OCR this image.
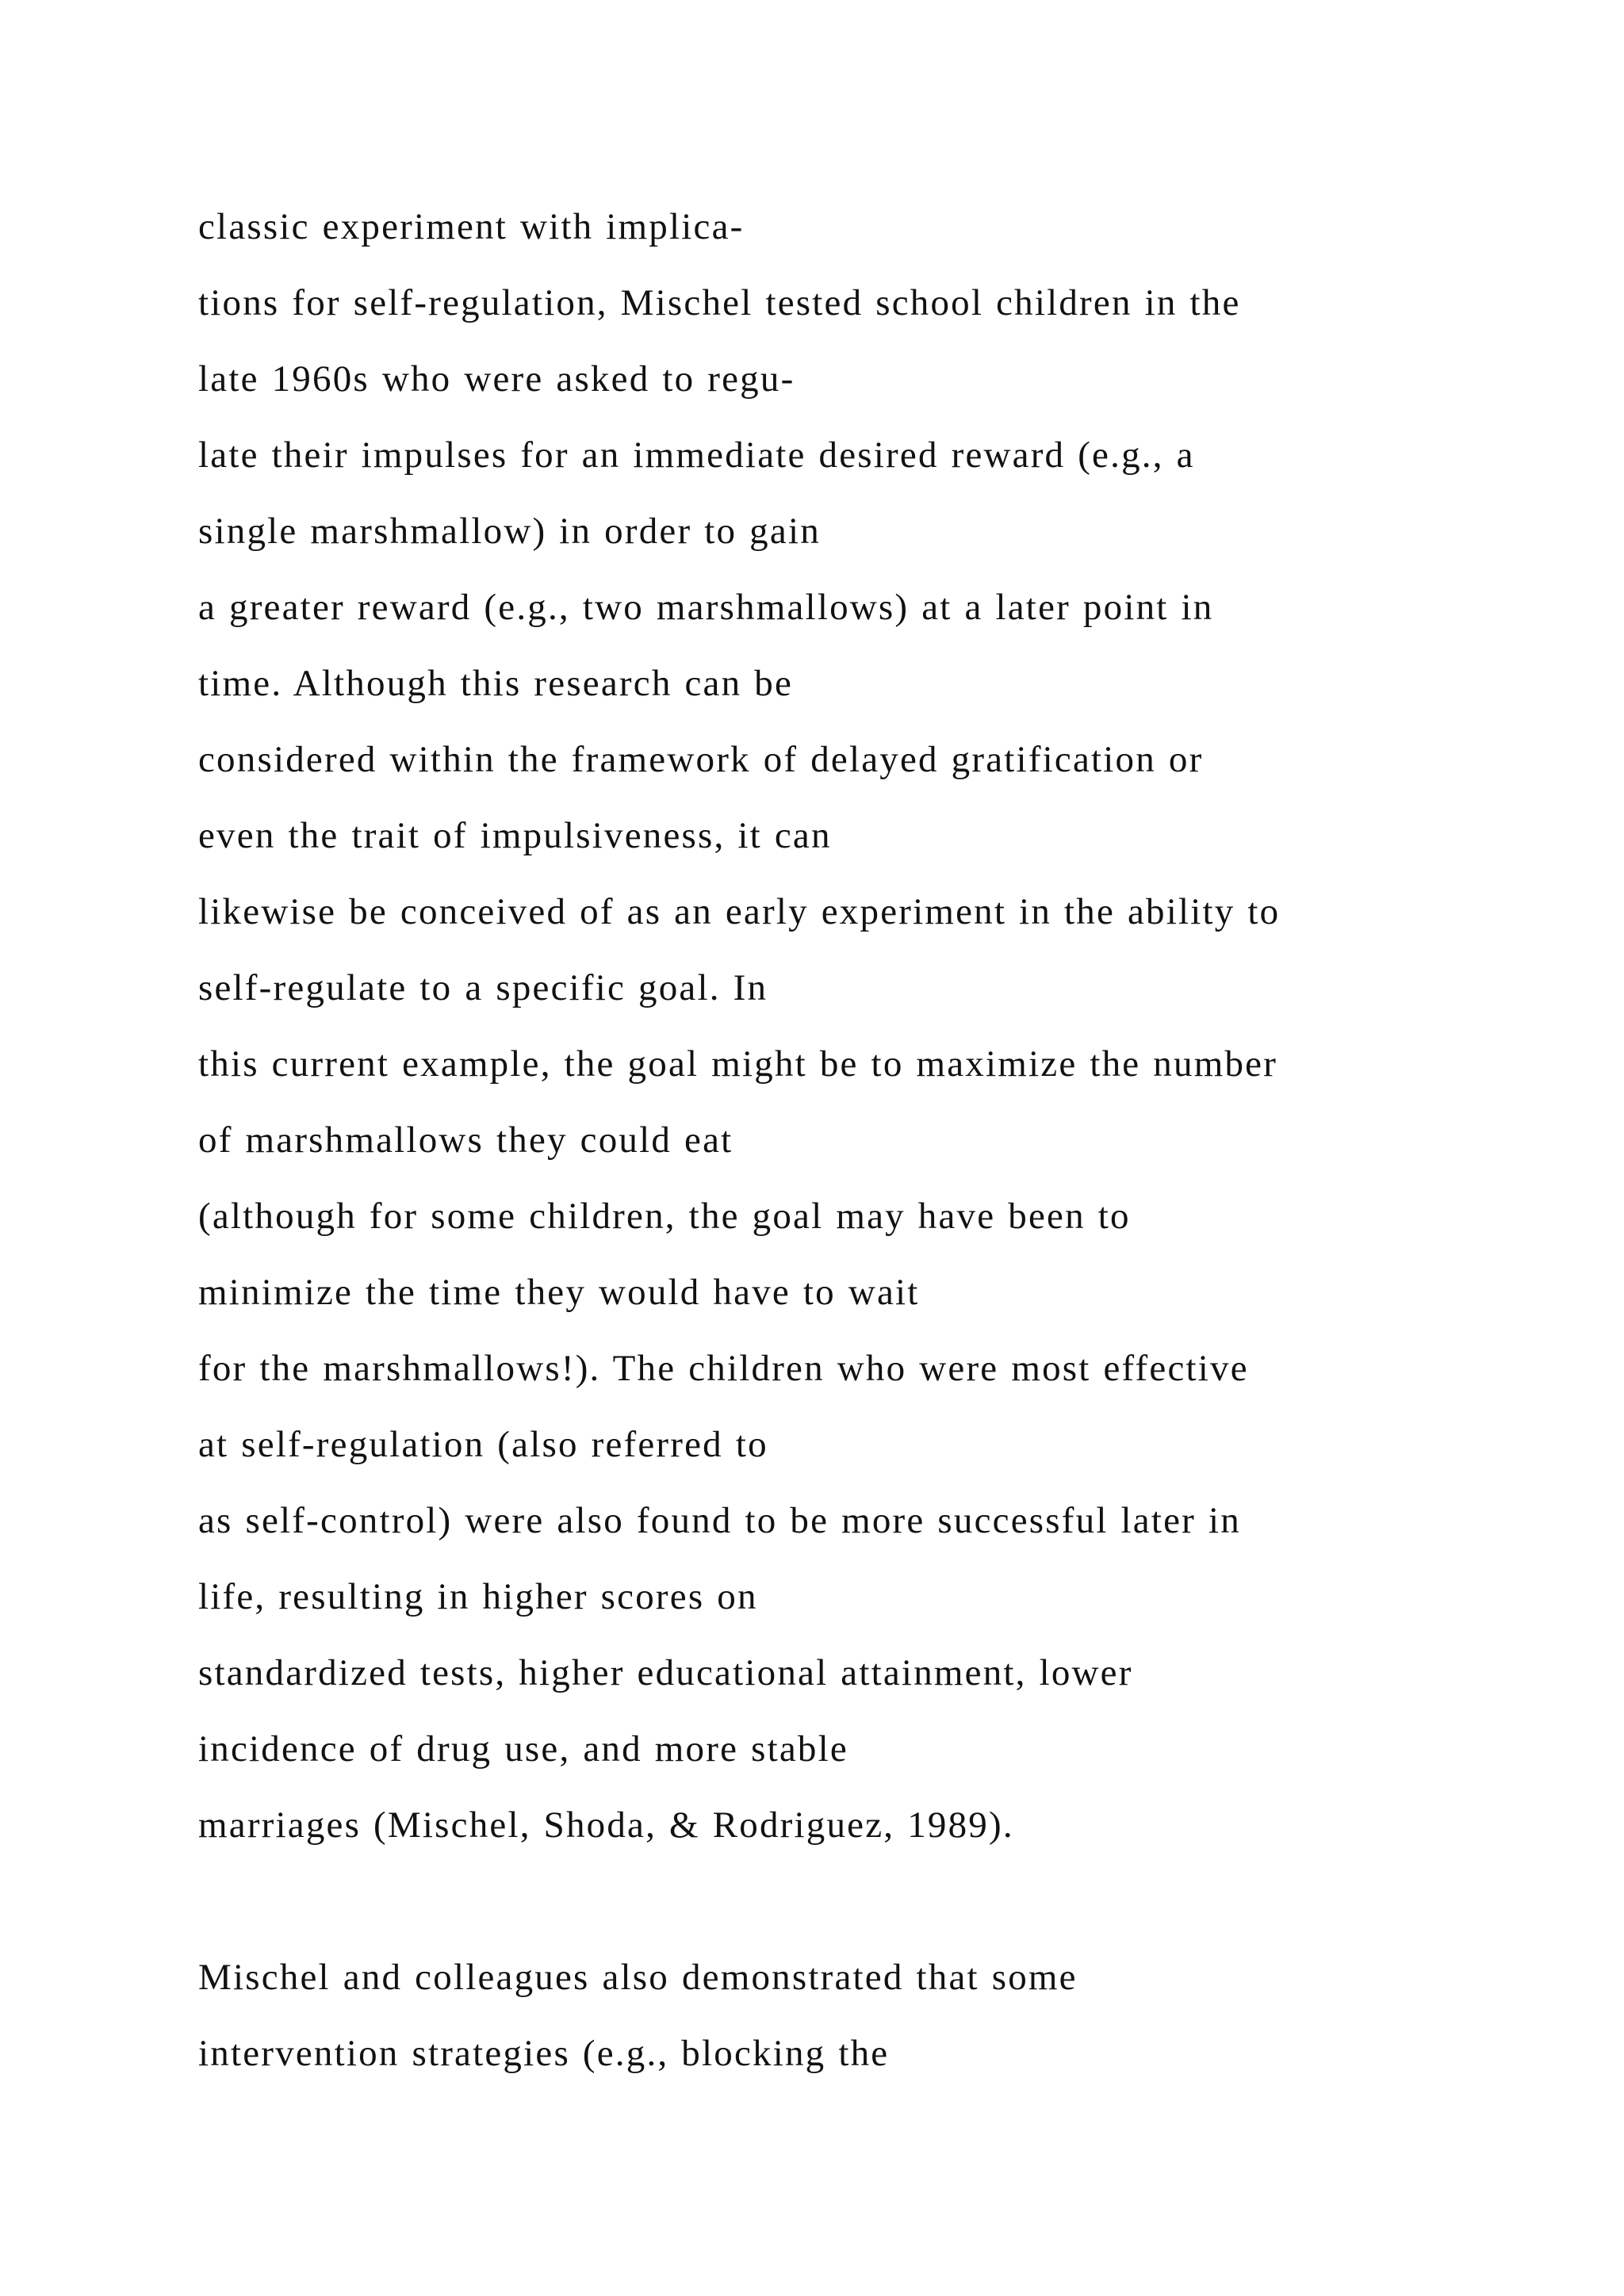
classic experiment with implica-
tions for self-regulation, Mischel tested school children in the
late 1960s who were asked to regu-
late their impulses for an immediate desired reward (e.g., a
single marshmallow) in order to gain
a greater reward (e.g., two marshmallows) at a later point in
time. Although this research can be
considered within the framework of delayed gratification or
even the trait of impulsiveness, it can
likewise be conceived of as an early experiment in the ability to
self-regulate to a specific goal. In
this current example, the goal might be to maximize the number
of marshmallows they could eat
(although for some children, the goal may have been to
minimize the time they would have to wait
for the marshmallows!). The children who were most effective
at self-regulation (also referred to
as self-control) were also found to be more successful later in
life, resulting in higher scores on
standardized tests, higher educational attainment, lower
incidence of drug use, and more stable
marriages (Mischel, Shoda, & Rodriguez, 1989).
Mischel and colleagues also demonstrated that some
intervention strategies (e.g., blocking the
